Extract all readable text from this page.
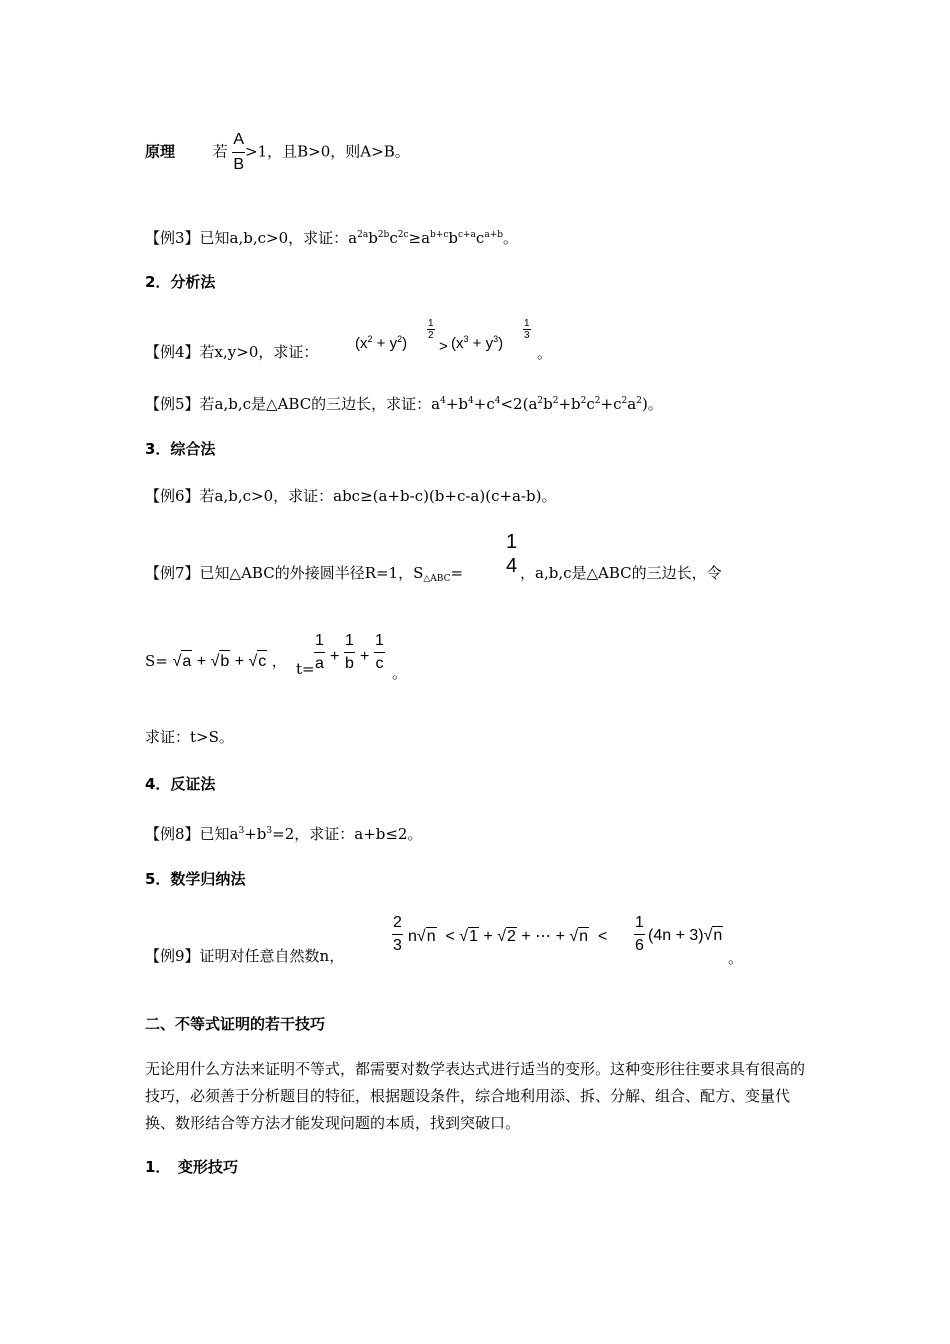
原理	若 $\frac{A}{B} >1$，且B>0，则A>B。
【例3】已知a,b,c>0，求证：$a^{2a}b^{2b}c^{2c}\ge a^{b+c}b^{c+a}c^{a+b}$。
2．分析法
【例4】若x,y>0，求证： $(x^2 + y^2)$
1
2
> $(x^3 + y^3)$
1
3
。
【例5】若a,b,c是△ABC的三边长，求证：$a^4+b^4+c^4<2(a^2b^2+b^2c^2+c^2a^2)$。
3．综合法
【例6】若a,b,c>0，求证：abc≥(a+b-c)(b+c-a)(c+a-b)。
【例7】已知△ABC的外接圆半径R=1，$S_{\triangle ABC}=$
1
4 ，a,b,c是△ABC的三边长，令
S= √a + √b + √c ， t=
1
a +
1
b +
1
c
。
求证：t>S。
4．反证法
【例8】已知$a^3+b^3=2$，求证：a+b≤2。
5．数学归纳法
【例9】证明对任意自然数n，
2
3
n√n < √1 + √2 + ⋯ + √n <
1
6
(4n + 3)√n
。
二、不等式证明的若干技巧
无论用什么方法来证明不等式，都需要对数学表达式进行适当的变形。这种变形往往要求具有很高的技巧，必须善于分析题目的特征，根据题设条件，综合地利用添、拆、分解、组合、配方、变量代换、数形结合等方法才能发现问题的本质，找到突破口。
1．　变形技巧
